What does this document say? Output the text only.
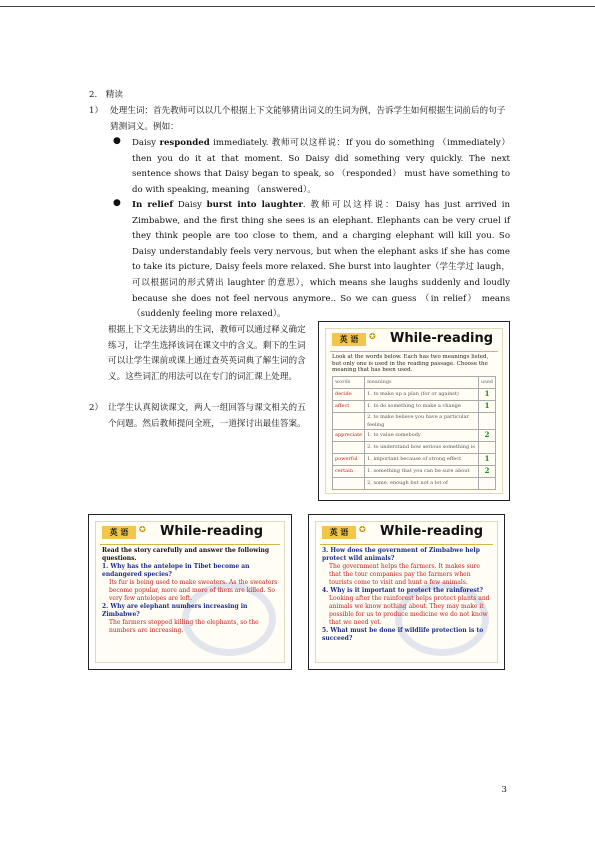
2.　精读
1） 处理生词：首先教师可以以几个根据上下文能够猜出词义的生词为例，告诉学生如何根据生词前后的句子猜测词义。例如：
● Daisy responded immediately. 教师可以这样说：If you do something （immediately） then you do it at that moment. So Daisy did something very quickly. The next sentence shows that Daisy began to speak, so （responded） must have something to do with speaking, meaning （answered）。
● In relief Daisy burst into laughter. 教师可以这样说：Daisy has just arrived in Zimbabwe, and the first thing she sees is an elephant. Elephants can be very cruel if they think people are too close to them, and a charging elephant will kill you. So Daisy understandably feels very nervous, but when the elephant asks if she has come to take its picture, Daisy feels more relaxed. She burst into laughter（学生学过 laugh，可以根据词的形式猜出 laughter 的意思），which means she laughs suddenly and loudly because she does not feel nervous anymore.. So we can guess （in relief） means （suddenly feeling more relaxed）。
根据上下文无法猜出的生词，教师可以通过释义确定练习，让学生选择该词在课文中的含义。剩下的生词可以让学生课前或课上通过查英英词典了解生词的含义。这些词汇的用法可以在专门的词汇课上处理。
2） 让学生认真阅读课文，两人一组回答与课文相关的五个问题。然后教师提问全班，一道探讨出最佳答案。
英 语	✪ While-reading
Look at the words below. Each has two meanings listed, but only one is used in the reading passage. Choose the meaning that has been used.
words	meanings	used
decide	1. to make up a plan (for or against)	1
affect	1. to do something to make a change	1
	2. to make believe you have a particular feeling	
appreciate	1. to value somebody	2
	2. to understand how serious something is	
powerful	1. important because of strong effect	1
certain	1. something that you can be sure about	2
	2. some, enough but not a lot of	
英 语	✪ While-reading
Read the story carefully and answer the following questions.
1. Why has the antelope in Tibet become an endangered species?
Its fur is being used to make sweaters. As the sweaters become popular, more and more of them are killed. So very few antelopes are left.
2. Why are elephant numbers increasing in Zimbabwe?
The farmers stopped killing the elephants, so the numbers are increasing.
英 语	✪ While-reading
3. How does the government of Zimbabwe help protect wild animals?
The government helps the farmers. It makes sure that the tour companies pay the farmers when tourists come to visit and hunt a few animals.
4. Why is it important to protect the rainforest?
Looking after the rainforest helps protect plants and animals we know nothing about. They may make it possible for us to produce medicine we do not know that we need yet.
5. What must be done if wildlife protection is to succeed?
3
